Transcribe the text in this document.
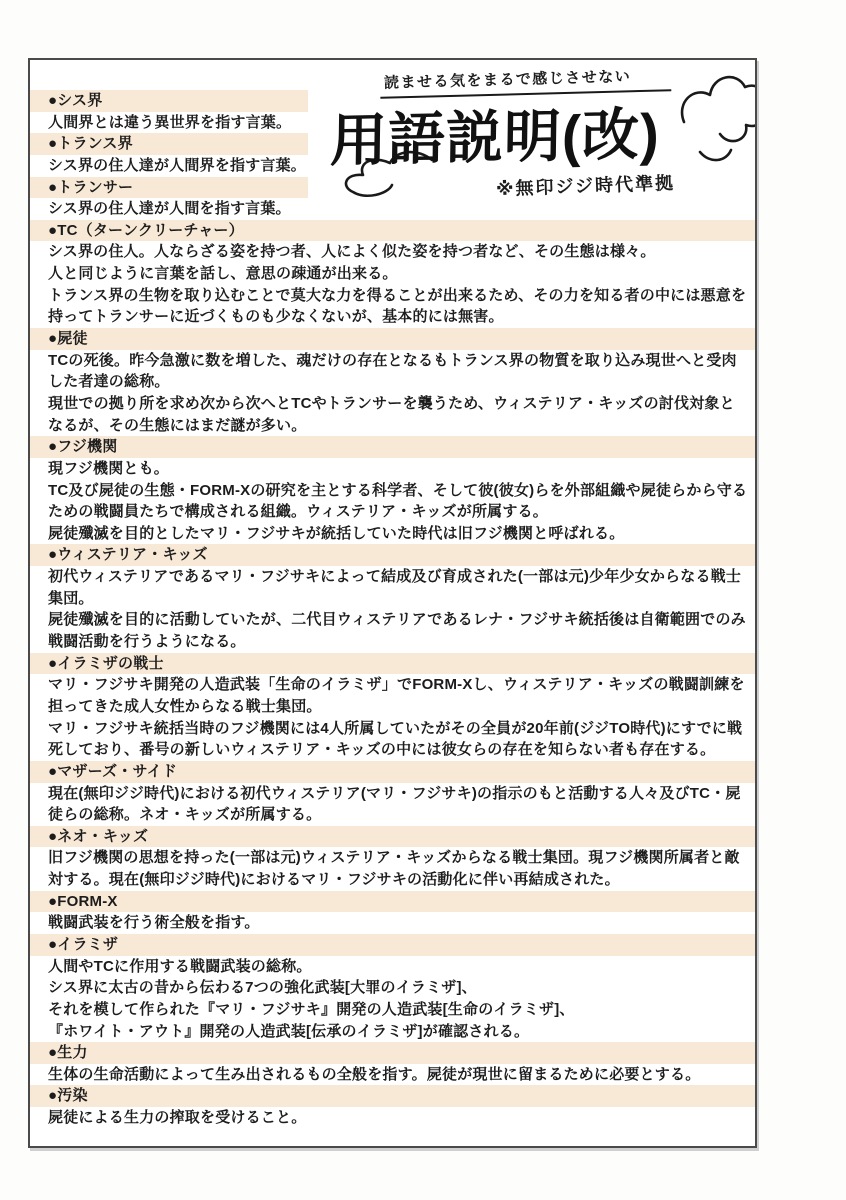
読ませる気をまるで感じさせない
用語説明(改)
※無印ジジ時代準拠
●シス界
人間界とは違う異世界を指す言葉。
●トランス界
シス界の住人達が人間界を指す言葉。
●トランサー
シス界の住人達が人間を指す言葉。
●TC（ターンクリーチャー）
シス界の住人。人ならざる姿を持つ者、人によく似た姿を持つ者など、その生態は様々。
人と同じように言葉を話し、意思の疎通が出来る。
トランス界の生物を取り込むことで莫大な力を得ることが出来るため、その力を知る者の中には悪意を
持ってトランサーに近づくものも少なくないが、基本的には無害。
●屍徒
TCの死後。昨今急激に数を増した、魂だけの存在となるもトランス界の物質を取り込み現世へと受肉
した者達の総称。
現世での拠り所を求め次から次へとTCやトランサーを襲うため、ウィステリア・キッズの討伐対象と
なるが、その生態にはまだ謎が多い。
●フジ機関
現フジ機関とも。
TC及び屍徒の生態・FORM-Xの研究を主とする科学者、そして彼(彼女)らを外部組織や屍徒らから守る
ための戦闘員たちで構成される組織。ウィステリア・キッズが所属する。
屍徒殲滅を目的としたマリ・フジサキが統括していた時代は旧フジ機関と呼ばれる。
●ウィステリア・キッズ
初代ウィステリアであるマリ・フジサキによって結成及び育成された(一部は元)少年少女からなる戦士
集団。
屍徒殲滅を目的に活動していたが、二代目ウィステリアであるレナ・フジサキ統括後は自衛範囲でのみ
戦闘活動を行うようになる。
●イラミザの戦士
マリ・フジサキ開発の人造武装「生命のイラミザ」でFORM-Xし、ウィステリア・キッズの戦闘訓練を
担ってきた成人女性からなる戦士集団。
マリ・フジサキ統括当時のフジ機関には4人所属していたがその全員が20年前(ジジTO時代)にすでに戦
死しており、番号の新しいウィステリア・キッズの中には彼女らの存在を知らない者も存在する。
●マザーズ・サイド
現在(無印ジジ時代)における初代ウィステリア(マリ・フジサキ)の指示のもと活動する人々及びTC・屍
徒らの総称。ネオ・キッズが所属する。
●ネオ・キッズ
旧フジ機関の思想を持った(一部は元)ウィステリア・キッズからなる戦士集団。現フジ機関所属者と敵
対する。現在(無印ジジ時代)におけるマリ・フジサキの活動化に伴い再結成された。
●FORM-X
戦闘武装を行う術全般を指す。
●イラミザ
人間やTCに作用する戦闘武装の総称。
シス界に太古の昔から伝わる7つの強化武装[大罪のイラミザ]、
それを模して作られた『マリ・フジサキ』開発の人造武装[生命のイラミザ]、
『ホワイト・アウト』開発の人造武装[伝承のイラミザ]が確認される。
●生力
生体の生命活動によって生み出されるもの全般を指す。屍徒が現世に留まるために必要とする。
●汚染
屍徒による生力の搾取を受けること。
